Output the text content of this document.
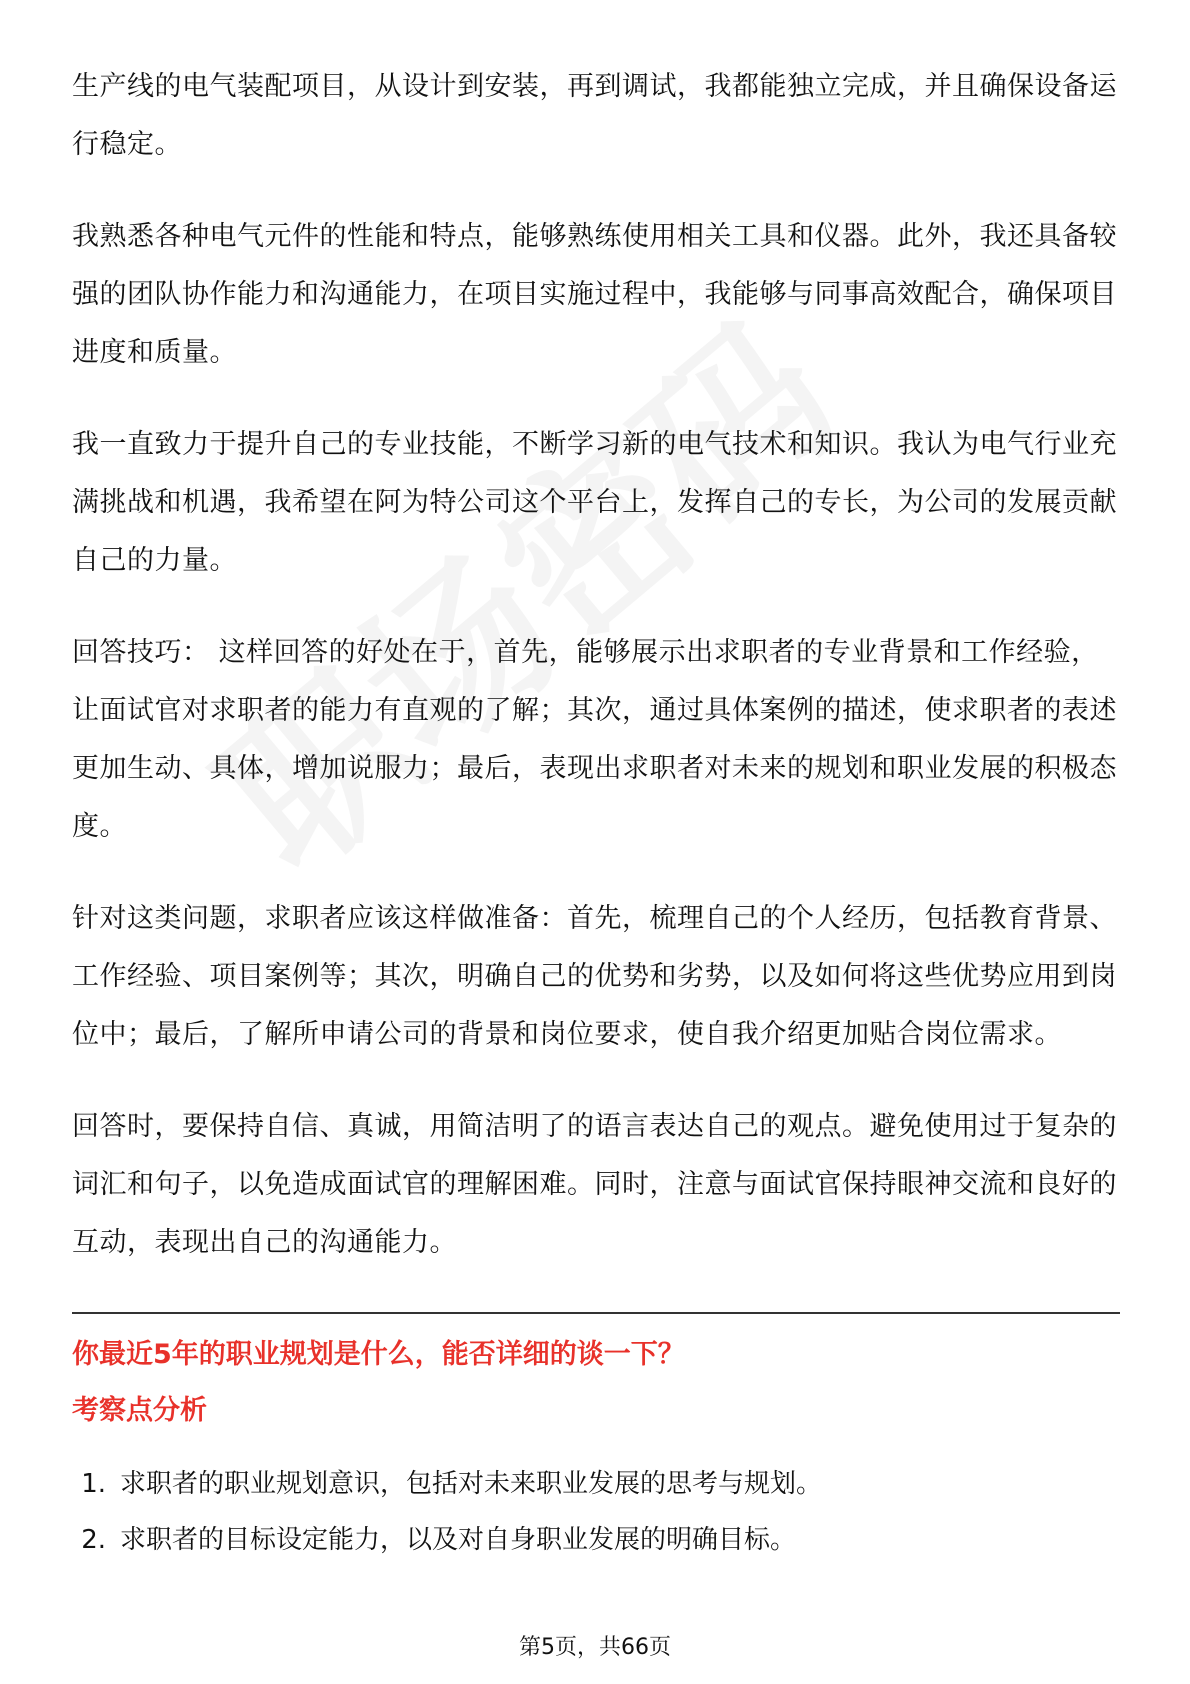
生产线的电气装配项目，从设计到安装，再到调试，我都能独立完成，并且确保设备运行稳定。

我熟悉各种电气元件的性能和特点，能够熟练使用相关工具和仪器。此外，我还具备较强的团队协作能力和沟通能力，在项目实施过程中，我能够与同事高效配合，确保项目进度和质量。

我一直致力于提升自己的专业技能，不断学习新的电气技术和知识。我认为电气行业充满挑战和机遇，我希望在阿为特公司这个平台上，发挥自己的专长，为公司的发展贡献自己的力量。

回答技巧： 这样回答的好处在于，首先，能够展示出求职者的专业背景和工作经验，让面试官对求职者的能力有直观的了解；其次，通过具体案例的描述，使求职者的表述更加生动、具体，增加说服力；最后，表现出求职者对未来的规划和职业发展的积极态度。

针对这类问题，求职者应该这样做准备：首先，梳理自己的个人经历，包括教育背景、工作经验、项目案例等；其次，明确自己的优势和劣势，以及如何将这些优势应用到岗位中；最后，了解所申请公司的背景和岗位要求，使自我介绍更加贴合岗位需求。

回答时，要保持自信、真诚，用简洁明了的语言表达自己的观点。避免使用过于复杂的词汇和句子，以免造成面试官的理解困难。同时，注意与面试官保持眼神交流和良好的互动，表现出自己的沟通能力。

你最近5年的职业规划是什么，能否详细的谈一下？
考察点分析
1. 求职者的职业规划意识，包括对未来职业发展的思考与规划。
2. 求职者的目标设定能力，以及对自身职业发展的明确目标。
第5页，共66页
